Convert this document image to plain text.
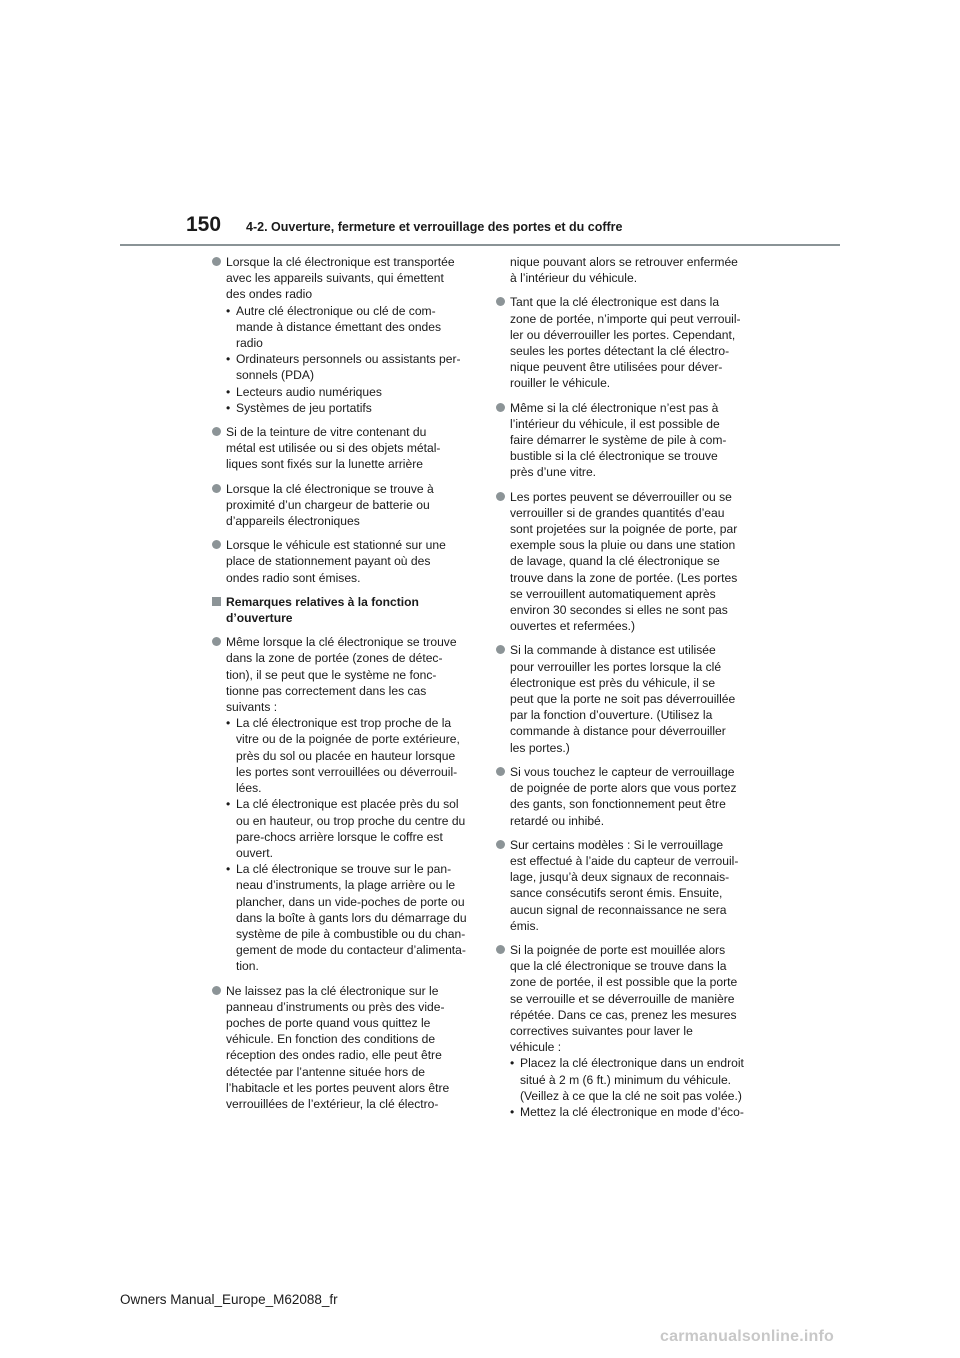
150 4-2. Ouverture, fermeture et verrouillage des portes et du coffre

Lorsque la clé électronique est transportée
avec les appareils suivants, qui émettent
des ondes radio

• Autre clé électronique ou clé de com-
mande à distance émettant des ondes
radio

• Ordinateurs personnels ou assistants per-
sonnels (PDA)

• Lecteurs audio numériques

• Systèmes de jeu portatifs

Si de la teinture de vitre contenant du
métal est utilisée ou si des objets métal-
liques sont fixés sur la lunette arrière

Lorsque la clé électronique se trouve à
proximité d’un chargeur de batterie ou
d’appareils électroniques

Lorsque le véhicule est stationné sur une
place de stationnement payant où des
ondes radio sont émises.

Remarques relatives à la fonction
d’ouverture

Même lorsque la clé électronique se trouve
dans la zone de portée (zones de détec-
tion), il se peut que le système ne fonc-
tionne pas correctement dans les cas
suivants :

• La clé électronique est trop proche de la
vitre ou de la poignée de porte extérieure,
près du sol ou placée en hauteur lorsque
les portes sont verrouillées ou déverrouil-
lées.

• La clé électronique est placée près du sol
ou en hauteur, ou trop proche du centre du
pare-chocs arrière lorsque le coffre est
ouvert.

• La clé électronique se trouve sur le pan-
neau d’instruments, la plage arrière ou le
plancher, dans un vide-poches de porte ou
dans la boîte à gants lors du démarrage du
système de pile à combustible ou du chan-
gement de mode du contacteur d’alimenta-
tion.

Ne laissez pas la clé électronique sur le
panneau d’instruments ou près des vide-
poches de porte quand vous quittez le
véhicule. En fonction des conditions de
réception des ondes radio, elle peut être
détectée par l’antenne située hors de
l’habitacle et les portes peuvent alors être
verrouillées de l’extérieur, la clé électro-

nique pouvant alors se retrouver enfermée
à l’intérieur du véhicule.

Tant que la clé électronique est dans la
zone de portée, n’importe qui peut verrouil-
ler ou déverrouiller les portes. Cependant,
seules les portes détectant la clé électro-
nique peuvent être utilisées pour déver-
rouiller le véhicule.

Même si la clé électronique n’est pas à
l’intérieur du véhicule, il est possible de
faire démarrer le système de pile à com-
bustible si la clé électronique se trouve
près d’une vitre.

Les portes peuvent se déverrouiller ou se
verrouiller si de grandes quantités d’eau
sont projetées sur la poignée de porte, par
exemple sous la pluie ou dans une station
de lavage, quand la clé électronique se
trouve dans la zone de portée. (Les portes
se verrouillent automatiquement après
environ 30 secondes si elles ne sont pas
ouvertes et refermées.)

Si la commande à distance est utilisée
pour verrouiller les portes lorsque la clé
électronique est près du véhicule, il se
peut que la porte ne soit pas déverrouillée
par la fonction d’ouverture. (Utilisez la
commande à distance pour déverrouiller
les portes.)

Si vous touchez le capteur de verrouillage
de poignée de porte alors que vous portez
des gants, son fonctionnement peut être
retardé ou inhibé.

Sur certains modèles : Si le verrouillage
est effectué à l’aide du capteur de verrouil-
lage, jusqu’à deux signaux de reconnais-
sance consécutifs seront émis. Ensuite,
aucun signal de reconnaissance ne sera
émis.

Si la poignée de porte est mouillée alors
que la clé électronique se trouve dans la
zone de portée, il est possible que la porte
se verrouille et se déverrouille de manière
répétée. Dans ce cas, prenez les mesures
correctives suivantes pour laver le
véhicule :

• Placez la clé électronique dans un endroit
situé à 2 m (6 ft.) minimum du véhicule.
(Veillez à ce que la clé ne soit pas volée.)

• Mettez la clé électronique en mode d’éco-

Owners Manual_Europe_M62088_fr
carmanualsonline.info
